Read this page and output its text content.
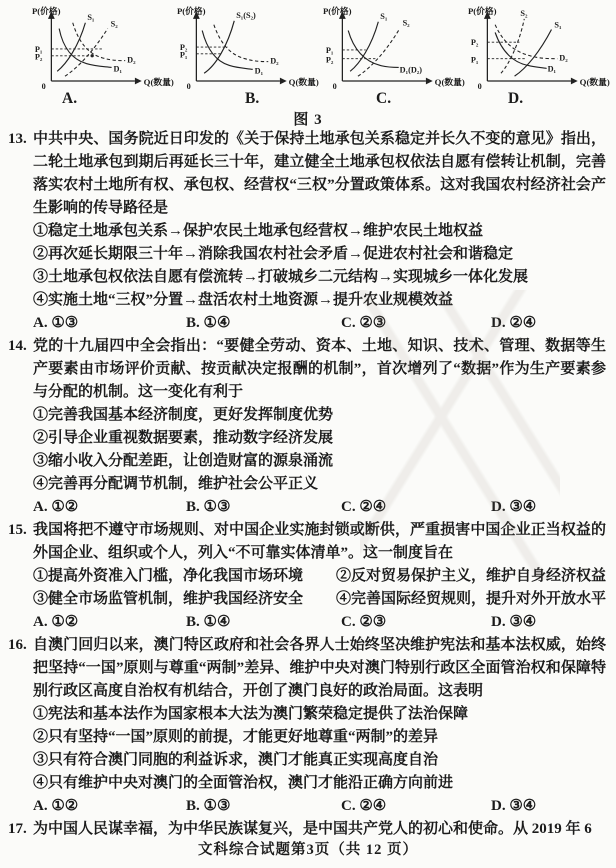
P(价格)
Q(数量)
0
S₁
S₂
D₁
D₂
P₁
P₂
P(价格)
Q(数量)
0
S₁(S₂)
D₁
D₂
P₂
P₁
P(价格)
Q(数量)
0
S₁
S₂
D₁(D₂)
P₁
P₂
P(价格)
Q(数量)
0
S₂
S₁
D₁
D₂
P₂
P₁
A.	B.	C.	D.
图 3
13. 中共中央、国务院近日印发的《关于保持土地承包关系稳定并长久不变的意见》指出，二轮土地承包到期后再延长三十年，建立健全土地承包权依法自愿有偿转让机制，完善落实农村土地所有权、承包权、经营权“三权”分置政策体系。这对我国农村经济社会产生影响的传导路径是
①稳定土地承包关系→保护农民土地承包经营权→维护农民土地权益
②再次延长期限三十年→消除我国农村社会矛盾→促进农村社会和谐稳定
③土地承包权依法自愿有偿流转→打破城乡二元结构→实现城乡一体化发展
④实施土地“三权”分置→盘活农村土地资源→提升农业规模效益
A. ①③	B. ①④	C. ②③	D. ②④
14. 党的十九届四中全会指出：“要健全劳动、资本、土地、知识、技术、管理、数据等生产要素由市场评价贡献、按贡献决定报酬的机制”，首次增列了“数据”作为生产要素参与分配的机制。这一变化有利于
①完善我国基本经济制度，更好发挥制度优势
②引导企业重视数据要素，推动数字经济发展
③缩小收入分配差距，让创造财富的源泉涌流
④完善再分配调节机制，维护社会公平正义
A. ①②	B. ①③	C. ②④	D. ③④
15. 我国将把不遵守市场规则、对中国企业实施封锁或断供，严重损害中国企业正当权益的外国企业、组织或个人，列入“不可靠实体清单”。这一制度旨在
①提高外资准入门槛，净化我国市场环境	②反对贸易保护主义，维护自身经济权益
③健全市场监管机制，维护我国经济安全	④完善国际经贸规则，提升对外开放水平
A. ①②	B. ①④	C. ②③	D. ③④
16. 自澳门回归以来，澳门特区政府和社会各界人士始终坚决维护宪法和基本法权威，始终把坚持“一国”原则与尊重“两制”差异、维护中央对澳门特别行政区全面管治权和保障特别行政区高度自治权有机结合，开创了澳门良好的政治局面。这表明
①宪法和基本法作为国家根本大法为澳门繁荣稳定提供了法治保障
②只有坚持“一国”原则的前提，才能更好地尊重“两制”的差异
③只有符合澳门同胞的利益诉求，澳门才能真正实现高度自治
④只有维护中央对澳门的全面管治权，澳门才能沿正确方向前进
A. ①②	B. ①③	C. ②④	D. ③④
17. 为中国人民谋幸福，为中华民族谋复兴，是中国共产党人的初心和使命。从 2019 年 6
文科综合试题第3页（共 12 页）
